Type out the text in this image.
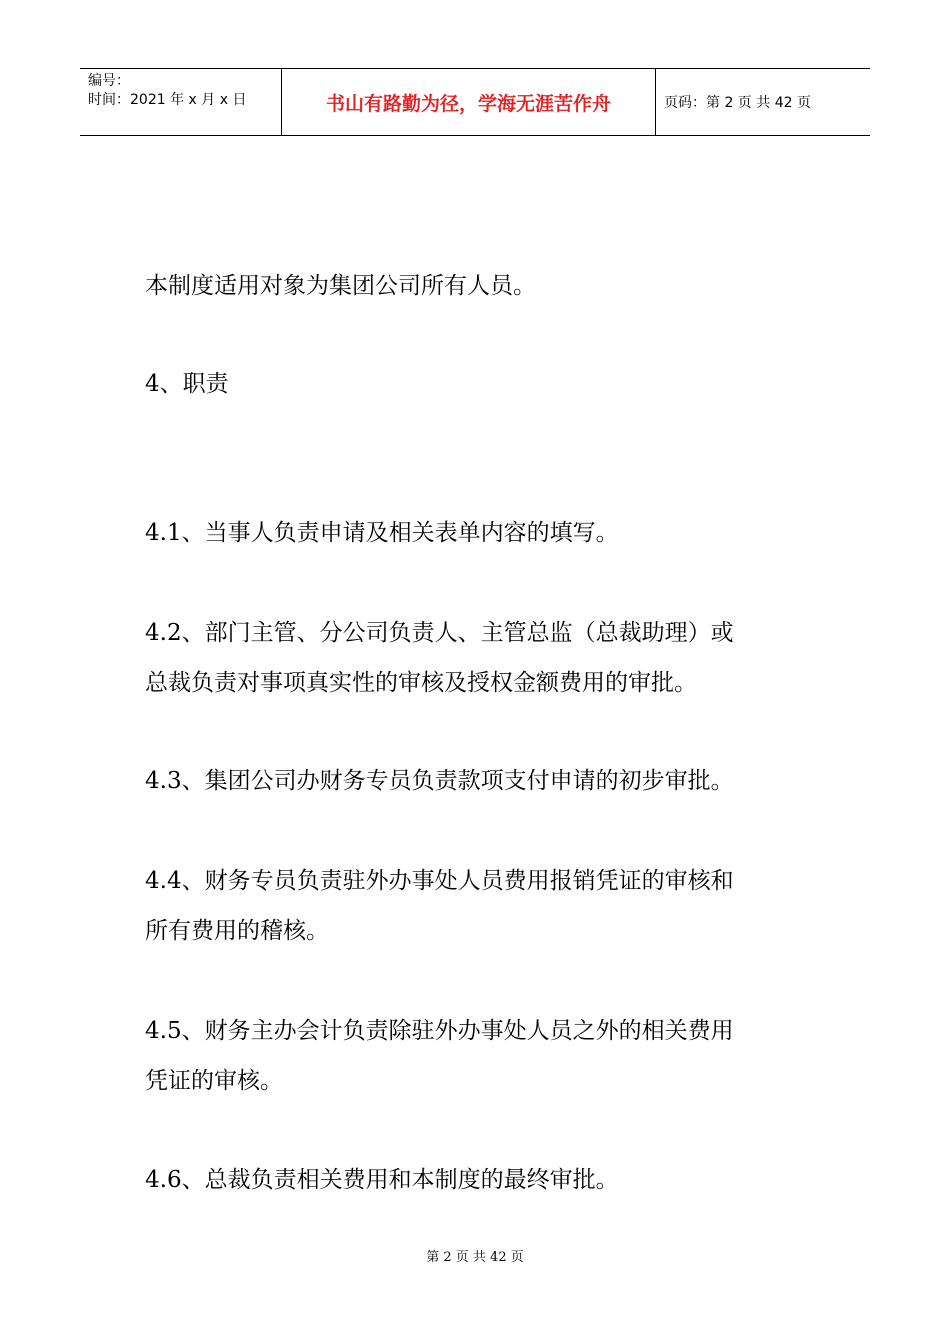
编号：
时间：2021 年 x 月 x 日	书山有路勤为径，学海无涯苦作舟	页码：第 2 页 共 42 页

本制度适用对象为集团公司所有人员。

4、职责

4.1、当事人负责申请及相关表单内容的填写。

4.2、部门主管、分公司负责人、主管总监（总裁助理）或

总裁负责对事项真实性的审核及授权金额费用的审批。

4.3、集团公司办财务专员负责款项支付申请的初步审批。

4.4、财务专员负责驻外办事处人员费用报销凭证的审核和

所有费用的稽核。

4.5、财务主办会计负责除驻外办事处人员之外的相关费用

凭证的审核。

4.6、总裁负责相关费用和本制度的最终审批。

第 2 页 共 42 页
